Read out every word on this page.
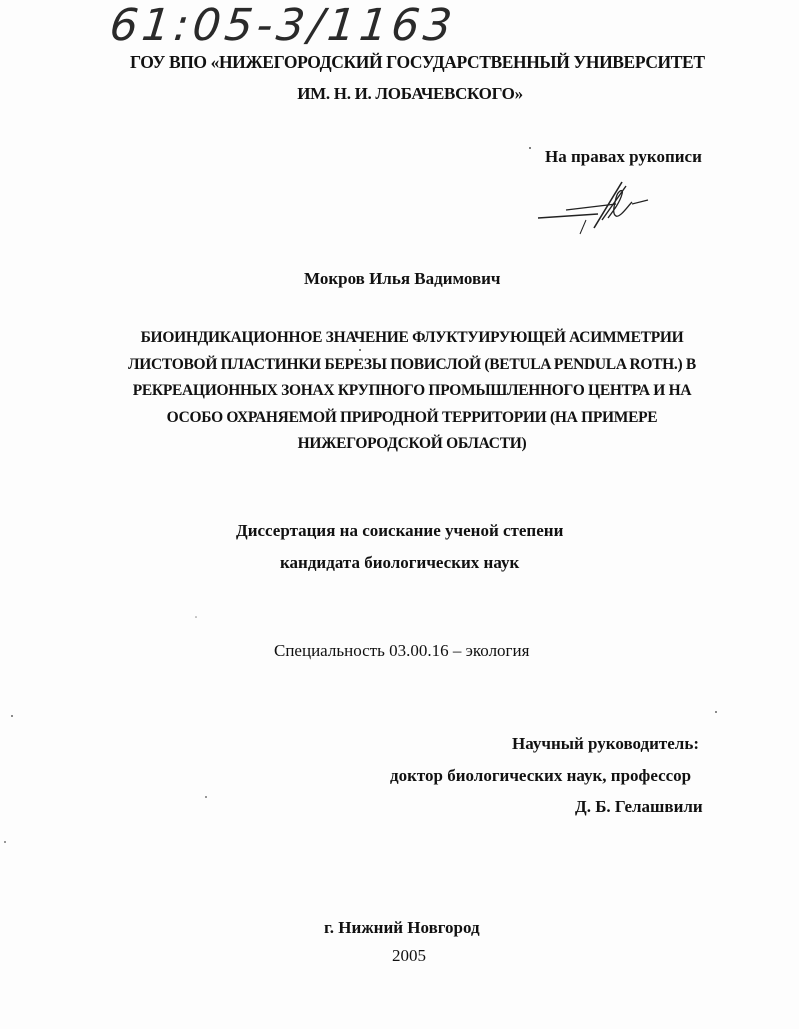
61:05-3/1163
ГОУ ВПО «НИЖЕГОРОДСКИЙ ГОСУДАРСТВЕННЫЙ УНИВЕРСИТЕТ
ИМ. Н. И. ЛОБАЧЕВСКОГО»
На правах рукописи
Мокров Илья Вадимович
БИОИНДИКАЦИОННОЕ ЗНАЧЕНИЕ ФЛУКТУИРУЮЩЕЙ АСИММЕТРИИ
ЛИСТОВОЙ ПЛАСТИНКИ БЕРЕЗЫ ПОВИСЛОЙ (BETULA PENDULA ROTH.) В
РЕКРЕАЦИОННЫХ ЗОНАХ КРУПНОГО ПРОМЫШЛЕННОГО ЦЕНТРА И НА
ОСОБО ОХРАНЯЕМОЙ ПРИРОДНОЙ ТЕРРИТОРИИ (НА ПРИМЕРЕ
НИЖЕГОРОДСКОЙ ОБЛАСТИ)
Диссертация на соискание ученой степени
кандидата биологических наук
Специальность 03.00.16 – экология
Научный руководитель:
доктор биологических наук, профессор
Д. Б. Гелашвили
г. Нижний Новгород
2005
